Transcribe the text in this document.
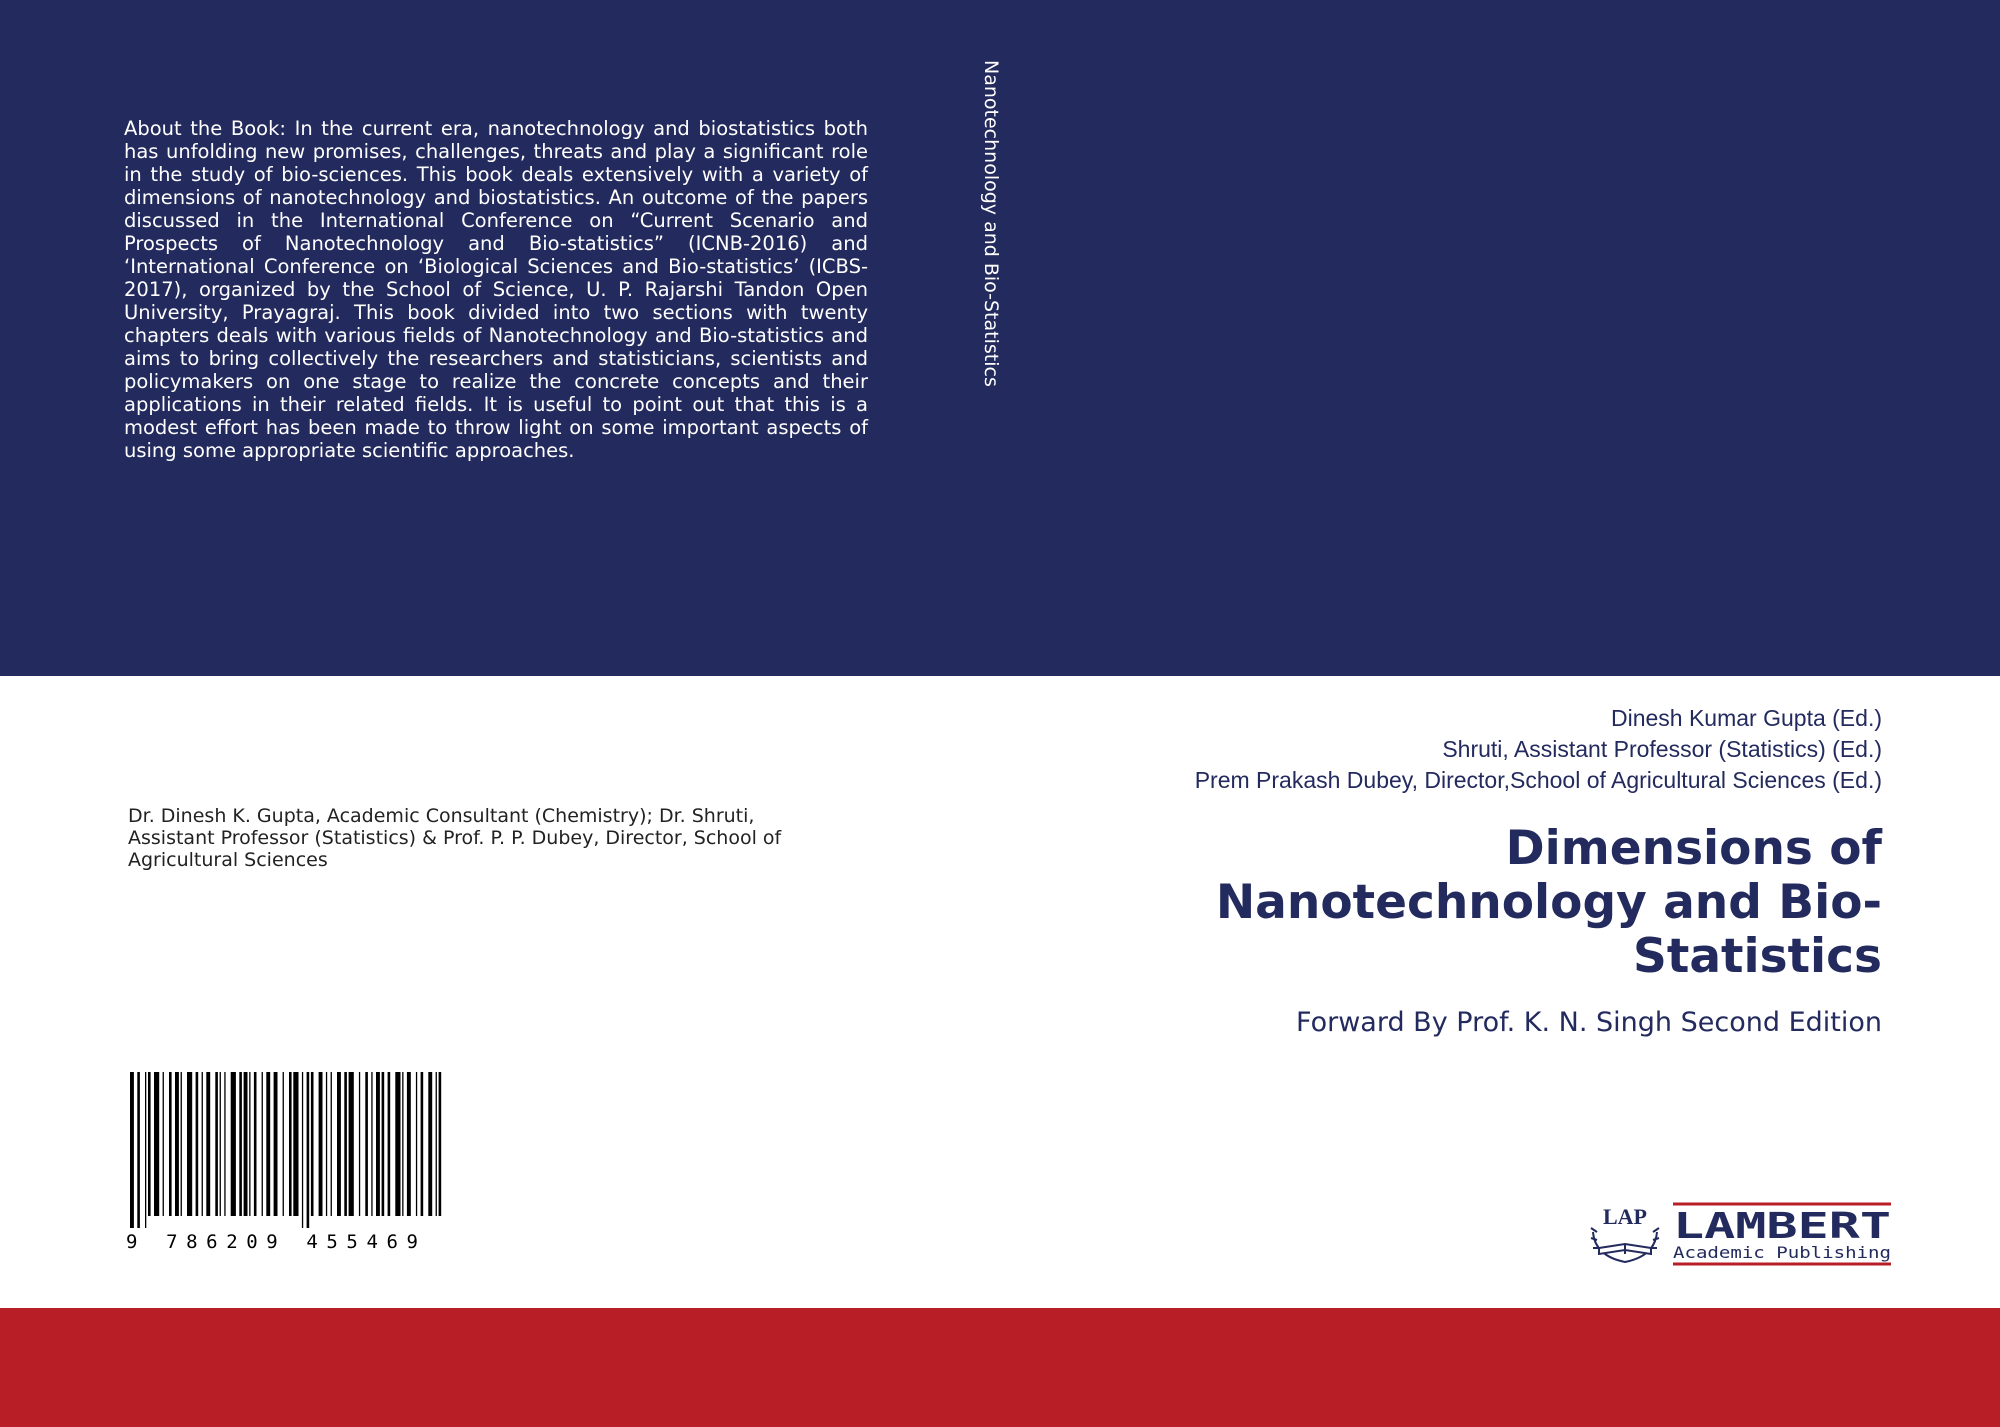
About the Book: In the current era, nanotechnology and biostatistics both has unfolding new promises, challenges, threats and play a significant role in the study of bio-sciences. This book deals extensively with a variety of dimensions of nanotechnology and biostatistics. An outcome of the papers discussed in the International Conference on “Current Scenario and Prospects of Nanotechnology and Bio-statistics” (ICNB-2016) and ‘International Conference on ‘Biological Sciences and Bio-statistics’ (ICBS-2017), organized by the School of Science, U. P. Rajarshi Tandon Open University, Prayagraj. This book divided into two sections with twenty chapters deals with various fields of Nanotechnology and Bio-statistics and aims to bring collectively the researchers and statisticians, scientists and policymakers on one stage to realize the concrete concepts and their applications in their related fields. It is useful to point out that this is a modest effort has been made to throw light on some important aspects of using some appropriate scientific approaches.

Nanotechnology and Bio-Statistics
Dinesh Kumar Gupta (Ed.)
Shruti, Assistant Professor (Statistics) (Ed.)
Prem Prakash Dubey, Director,School of Agricultural Sciences (Ed.)
Dimensions of Nanotechnology and Bio-Statistics
Forward By Prof. K. N. Singh Second Edition

Dr. Dinesh K. Gupta, Academic Consultant (Chemistry); Dr. Shruti, Assistant Professor (Statistics) & Prof. P. P. Dubey, Director, School of Agricultural Sciences

9 786209 455469
LAP LAMBERT
Academic Publishing
